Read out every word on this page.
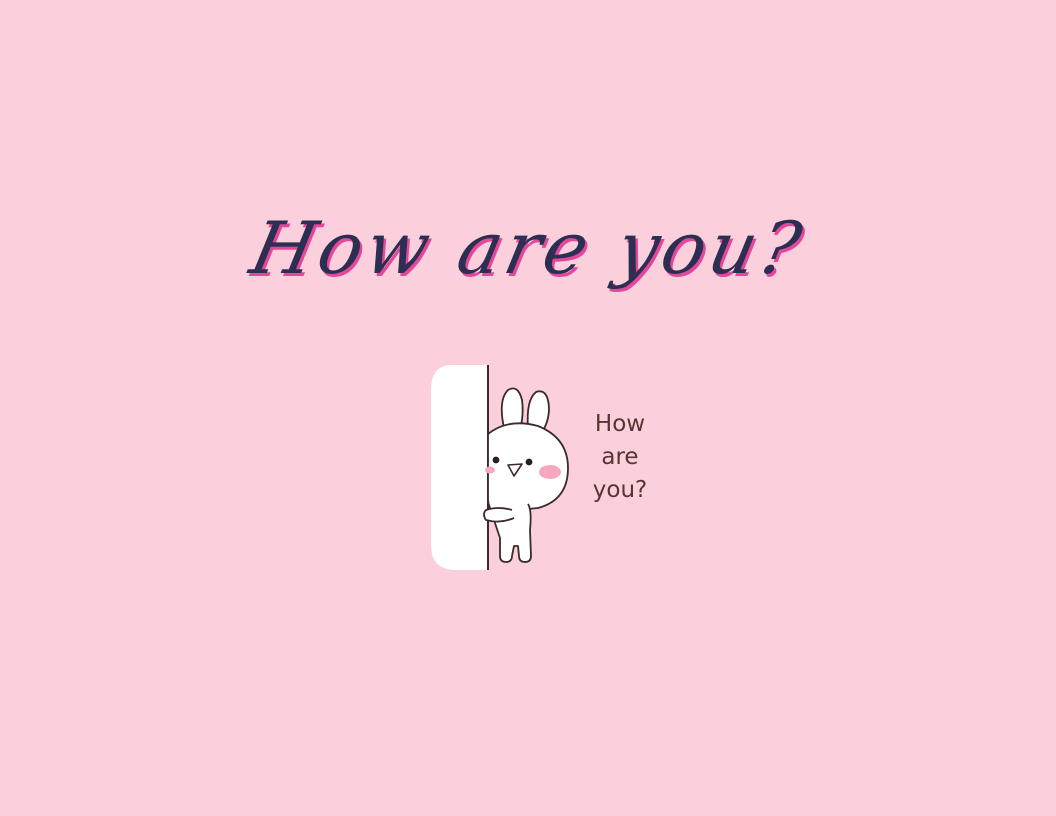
How are you?
How
are
you?
